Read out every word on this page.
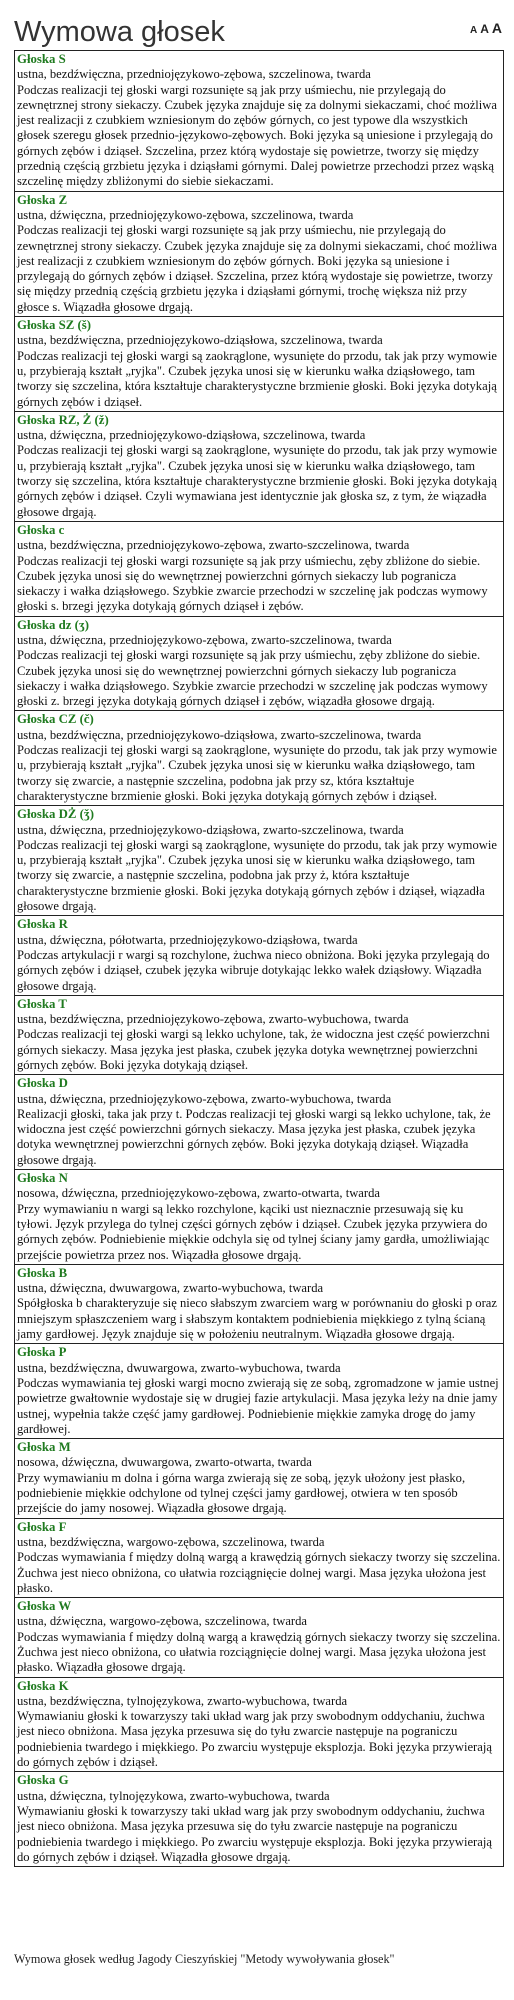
Wymowa głosek	A A A
Głoska S
ustna, bezdźwięczna, przedniojęzykowo-zębowa, szczelinowa, twarda
Podczas realizacji tej głoski wargi rozsunięte są jak przy uśmiechu, nie przylegają do zewnętrznej strony siekaczy. Czubek języka znajduje się za dolnymi siekaczami, choć możliwa jest realizacji z czubkiem wzniesionym do zębów górnych, co jest typowe dla wszystkich głosek szeregu głosek przednio-językowo-zębowych. Boki języka są uniesione i przylegają do górnych zębów i dziąseł. Szczelina, przez którą wydostaje się powietrze, tworzy się między przednią częścią grzbietu języka i dziąsłami górnymi. Dalej powietrze przechodzi przez wąską szczelinę między zbliżonymi do siebie siekaczami.
Głoska Z
ustna, dźwięczna, przedniojęzykowo-zębowa, szczelinowa, twarda
Podczas realizacji tej głoski wargi rozsunięte są jak przy uśmiechu, nie przylegają do zewnętrznej strony siekaczy. Czubek języka znajduje się za dolnymi siekaczami, choć możliwa jest realizacji z czubkiem wzniesionym do zębów górnych. Boki języka są uniesione i przylegają do górnych zębów i dziąseł. Szczelina, przez którą wydostaje się powietrze, tworzy się między przednią częścią grzbietu języka i dziąsłami górnymi, trochę większa niż przy głosce s. Wiązadła głosowe drgają.
Głoska SZ (š)
ustna, bezdźwięczna, przedniojęzykowo-dziąsłowa, szczelinowa, twarda
Podczas realizacji tej głoski wargi są zaokrąglone, wysunięte do przodu, tak jak przy wymowie u, przybierają kształt „ryjka". Czubek języka unosi się w kierunku wałka dziąsłowego, tam tworzy się szczelina, która kształtuje charakterystyczne brzmienie głoski. Boki języka dotykają górnych zębów i dziąseł.
Głoska RZ, Ż (ž)
ustna, dźwięczna, przedniojęzykowo-dziąsłowa, szczelinowa, twarda
Podczas realizacji tej głoski wargi są zaokrąglone, wysunięte do przodu, tak jak przy wymowie u, przybierają kształt „ryjka". Czubek języka unosi się w kierunku wałka dziąsłowego, tam tworzy się szczelina, która kształtuje charakterystyczne brzmienie głoski. Boki języka dotykają górnych zębów i dziąseł. Czyli wymawiana jest identycznie jak głoska sz, z tym, że wiązadła głosowe drgają.
Głoska c
ustna, bezdźwięczna, przedniojęzykowo-zębowa, zwarto-szczelinowa, twarda
Podczas realizacji tej głoski wargi rozsunięte są jak przy uśmiechu, zęby zbliżone do siebie. Czubek języka unosi się do wewnętrznej powierzchni górnych siekaczy lub pogranicza siekaczy i wałka dziąsłowego. Szybkie zwarcie przechodzi w szczelinę jak podczas wymowy głoski s. brzegi języka dotykają górnych dziąseł i zębów.
Głoska dz (ʒ)
ustna, dźwięczna, przedniojęzykowo-zębowa, zwarto-szczelinowa, twarda
Podczas realizacji tej głoski wargi rozsunięte są jak przy uśmiechu, zęby zbliżone do siebie. Czubek języka unosi się do wewnętrznej powierzchni górnych siekaczy lub pogranicza siekaczy i wałka dziąsłowego. Szybkie zwarcie przechodzi w szczelinę jak podczas wymowy głoski z. brzegi języka dotykają górnych dziąseł i zębów, wiązadła głosowe drgają.
Głoska CZ (č)
ustna, bezdźwięczna, przedniojęzykowo-dziąsłowa, zwarto-szczelinowa, twarda
Podczas realizacji tej głoski wargi są zaokrąglone, wysunięte do przodu, tak jak przy wymowie u, przybierają kształt „ryjka". Czubek języka unosi się w kierunku wałka dziąsłowego, tam tworzy się zwarcie, a następnie szczelina, podobna jak przy sz, która kształtuje charakterystyczne brzmienie głoski. Boki języka dotykają górnych zębów i dziąseł.
Głoska DŻ (ǯ)
ustna, dźwięczna, przedniojęzykowo-dziąsłowa, zwarto-szczelinowa, twarda
Podczas realizacji tej głoski wargi są zaokrąglone, wysunięte do przodu, tak jak przy wymowie u, przybierają kształt „ryjka". Czubek języka unosi się w kierunku wałka dziąsłowego, tam tworzy się zwarcie, a następnie szczelina, podobna jak przy ż, która kształtuje charakterystyczne brzmienie głoski. Boki języka dotykają górnych zębów i dziąseł, wiązadła głosowe drgają.
Głoska R
ustna, dźwięczna, półotwarta, przedniojęzykowo-dziąsłowa, twarda
Podczas artykulacji r wargi są rozchylone, żuchwa nieco obniżona. Boki języka przylegają do górnych zębów i dziąseł, czubek języka wibruje dotykając lekko wałek dziąsłowy. Wiązadła głosowe drgają.
Głoska T
ustna, bezdźwięczna, przedniojęzykowo-zębowa, zwarto-wybuchowa, twarda
Podczas realizacji tej głoski wargi są lekko uchylone, tak, że widoczna jest część powierzchni górnych siekaczy. Masa języka jest płaska, czubek języka dotyka wewnętrznej powierzchni górnych zębów. Boki języka dotykają dziąseł.
Głoska D
ustna, dźwięczna, przedniojęzykowo-zębowa, zwarto-wybuchowa, twarda
Realizacji głoski, taka jak przy t. Podczas realizacji tej głoski wargi są lekko uchylone, tak, że widoczna jest część powierzchni górnych siekaczy. Masa języka jest płaska, czubek języka dotyka wewnętrznej powierzchni górnych zębów. Boki języka dotykają dziąseł. Wiązadła głosowe drgają.
Głoska N
nosowa, dźwięczna, przedniojęzykowo-zębowa, zwarto-otwarta, twarda
Przy wymawianiu n wargi są lekko rozchylone, kąciki ust nieznacznie przesuwają się ku tyłowi. Język przylega do tylnej części górnych zębów i dziąseł. Czubek języka przywiera do górnych zębów. Podniebienie miękkie odchyla się od tylnej ściany jamy gardła, umożliwiając przejście powietrza przez nos. Wiązadła głosowe drgają.
Głoska B
ustna, dźwięczna, dwuwargowa, zwarto-wybuchowa, twarda
Spółgłoska b charakteryzuje się nieco słabszym zwarciem warg w porównaniu do głoski p oraz mniejszym spłaszczeniem warg i słabszym kontaktem podniebienia miękkiego z tylną ścianą jamy gardłowej. Język znajduje się w położeniu neutralnym. Wiązadła głosowe drgają.
Głoska P
ustna, bezdźwięczna, dwuwargowa, zwarto-wybuchowa, twarda
Podczas wymawiania tej głoski wargi mocno zwierają się ze sobą, zgromadzone w jamie ustnej powietrze gwałtownie wydostaje się w drugiej fazie artykulacji. Masa języka leży na dnie jamy ustnej, wypełnia także część jamy gardłowej. Podniebienie miękkie zamyka drogę do jamy gardłowej.
Głoska M
nosowa, dźwięczna, dwuwargowa, zwarto-otwarta, twarda
Przy wymawianiu m dolna i górna warga zwierają się ze sobą, język ułożony jest płasko, podniebienie miękkie odchylone od tylnej części jamy gardłowej, otwiera w ten sposób przejście do jamy nosowej. Wiązadła głosowe drgają.
Głoska F
ustna, bezdźwięczna, wargowo-zębowa, szczelinowa, twarda
Podczas wymawiania f między dolną wargą a krawędzią górnych siekaczy tworzy się szczelina. Żuchwa jest nieco obniżona, co ułatwia rozciągnięcie dolnej wargi. Masa języka ułożona jest płasko.
Głoska W
ustna, dźwięczna, wargowo-zębowa, szczelinowa, twarda
Podczas wymawiania f między dolną wargą a krawędzią górnych siekaczy tworzy się szczelina. Żuchwa jest nieco obniżona, co ułatwia rozciągnięcie dolnej wargi. Masa języka ułożona jest płasko. Wiązadła głosowe drgają.
Głoska K
ustna, bezdźwięczna, tylnojęzykowa, zwarto-wybuchowa, twarda
Wymawianiu głoski k towarzyszy taki układ warg jak przy swobodnym oddychaniu, żuchwa jest nieco obniżona. Masa języka przesuwa się do tyłu zwarcie następuje na pograniczu podniebienia twardego i miękkiego. Po zwarciu występuje eksplozja. Boki języka przywierają do górnych zębów i dziąseł.
Głoska G
ustna, dźwięczna, tylnojęzykowa, zwarto-wybuchowa, twarda
Wymawianiu głoski k towarzyszy taki układ warg jak przy swobodnym oddychaniu, żuchwa jest nieco obniżona. Masa języka przesuwa się do tyłu zwarcie następuje na pograniczu podniebienia twardego i miękkiego. Po zwarciu występuje eksplozja. Boki języka przywierają do górnych zębów i dziąseł. Wiązadła głosowe drgają.
Wymowa głosek według Jagody Cieszyńskiej "Metody wywoływania głosek"
